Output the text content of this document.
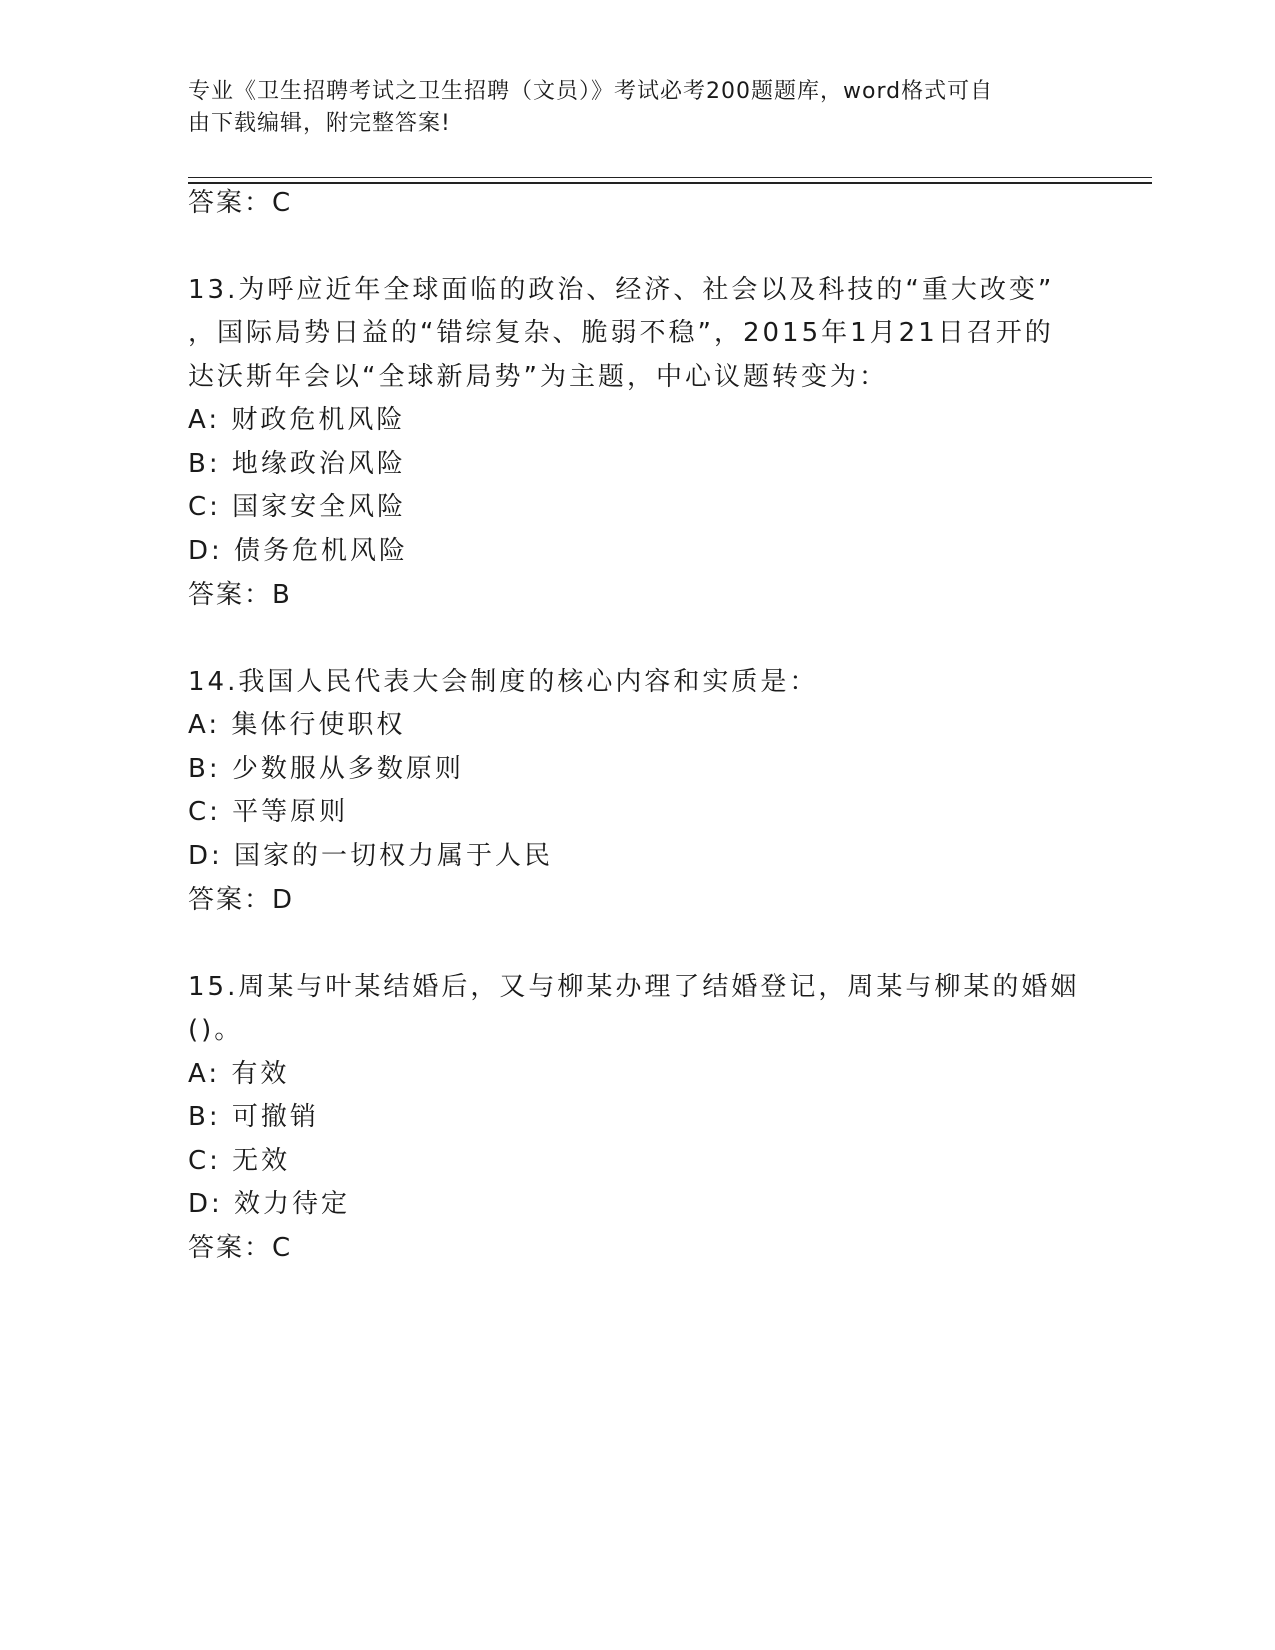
专业《卫生招聘考试之卫生招聘（文员）》考试必考200题题库，word格式可自
由下载编辑，附完整答案!
答案：C
13.为呼应近年全球面临的政治、经济、社会以及科技的“重大改变”
，国际局势日益的“错综复杂、脆弱不稳”，2015年1月21日召开的
达沃斯年会以“全球新局势”为主题，中心议题转变为：
A: 财政危机风险
B: 地缘政治风险
C: 国家安全风险
D: 债务危机风险
答案：B
14.我国人民代表大会制度的核心内容和实质是：
A: 集体行使职权
B: 少数服从多数原则
C: 平等原则
D: 国家的一切权力属于人民
答案：D
15.周某与叶某结婚后，又与柳某办理了结婚登记，周某与柳某的婚姻
()。
A: 有效
B: 可撤销
C: 无效
D: 效力待定
答案：C
